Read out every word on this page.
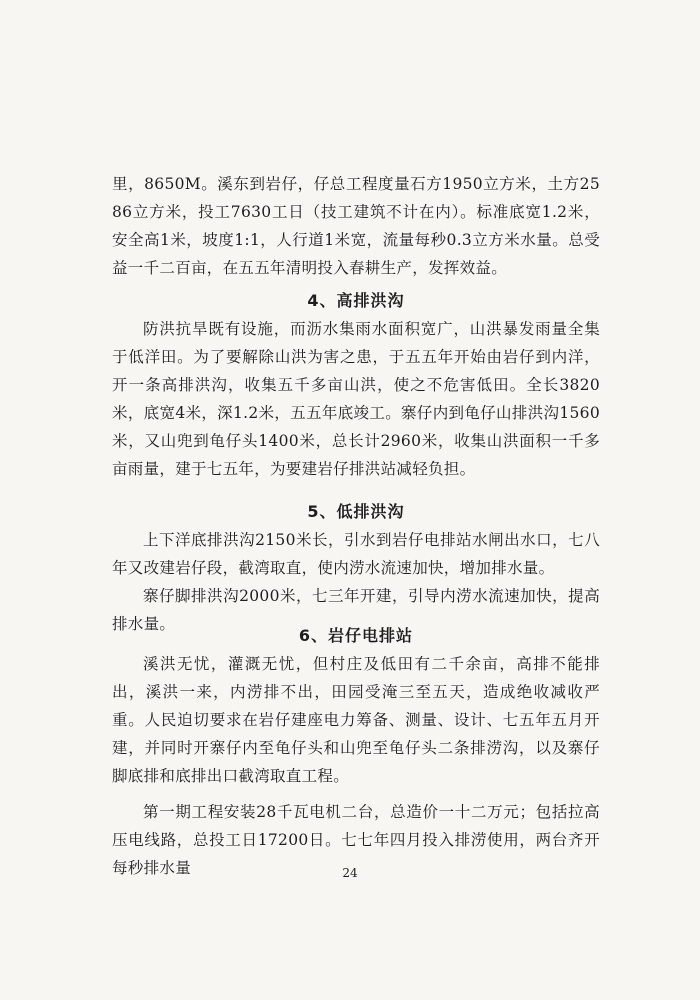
里，8650M。溪东到岩仔，仔总工程度量石方1950立方米，土方2586立方米，投工7630工日（技工建筑不计在内）。标准底宽1.2米，安全高1米，坡度1:1，人行道1米宽，流量每秒0.3立方米水量。总受益一千二百亩，在五五年清明投入春耕生产，发挥效益。

4、高排洪沟

防洪抗旱既有设施，而沥水集雨水面积宽广，山洪暴发雨量全集于低洋田。为了要解除山洪为害之患，于五五年开始由岩仔到内洋，开一条高排洪沟，收集五千多亩山洪，使之不危害低田。全长3820米，底宽4米，深1.2米，五五年底竣工。寨仔内到龟仔山排洪沟1560米，又山兜到龟仔头1400米，总长计2960米，收集山洪面积一千多亩雨量，建于七五年，为要建岩仔排洪站减轻负担。

5、低排洪沟

上下洋底排洪沟2150米长，引水到岩仔电排站水闸出水口，七八年又改建岩仔段，截湾取直，使内涝水流速加快，增加排水量。

寨仔脚排洪沟2000米，七三年开建，引导内涝水流速加快，提高排水量。

6、岩仔电排站

溪洪无忧，灌溉无忧，但村庄及低田有二千余亩，高排不能排出，溪洪一来，内涝排不出，田园受淹三至五天，造成绝收减收严重。人民迫切要求在岩仔建座电力筹备、测量、设计、七五年五月开建，并同时开寨仔内至龟仔头和山兜至龟仔头二条排涝沟，以及寨仔脚底排和底排出口截湾取直工程。

第一期工程安装28千瓦电机二台，总造价一十二万元；包括拉高压电线路，总投工日17200日。七七年四月投入排涝使用，两台齐开每秒排水量	24
